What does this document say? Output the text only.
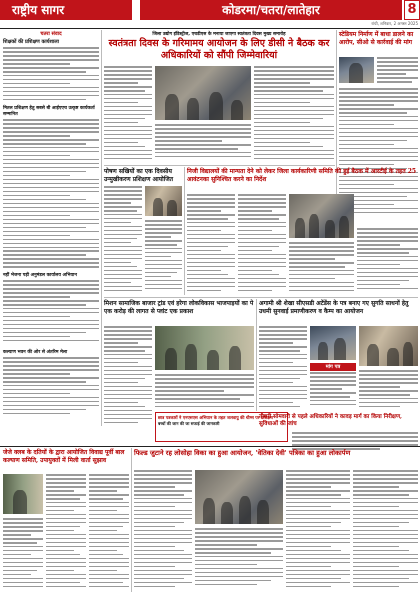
राष्ट्रीय सागर	कोडरमा/चतरा/लातेहार	8
रांची, शनिवार, 2 अगस्त 2025
चतरा संवाद
शिक्षकों की प्रशिक्षण कार्यशाला
मितल प्रशिक्षण हेतु सबसे बी आईएएच उत्कृष्ट कार्यकर्ता सम्मानित
नहीं भेजना पड़ी अनुमंडल कार्यालय अभियान
कल्याण भवन की ओर से अंतरिम मेला
जिला उद्योग इंडिस्ट्रीज, एचडीएस के मनाया जाएगा स्वतंत्रता दिवस मुख्य समारोह
स्वतंत्रता दिवस के गरिमामय आयोजन के लिए डीसी ने बैठक कर अधिकारियों को सौंपी जिम्मेवारियां
स्टेडियम निर्माण में बाधा डालने का आरोप, सीओ से कार्रवाई की मांग
पोषण सखियों का एक दिवसीय उन्मुखीकरण प्रशिक्षण आयोजित
निजी विद्यालयों की मान्यता देने को लेकर जिला कार्यकारिणी समिति की हुई बैठक में आरटीई के तहत 25 आवंटनका सुनिश्चित करने का निर्देश
मिशन सामाजिक बाजार ट्रांड एवं हरेगा लोकविकास भाजपाइयों का पे एक करोड़ की लागत से प्लांट एक प्रकाश
छात्र पत्रकारों ने एनएसएस अभियान के तहत जलवायु की थीम्स पर प्रशिक्षण
बच्चों की जान की जा सफाई की जानकारी
अगामी श्री शेखा सीएसडी अटेंडेंस के पत्र बनाए गए सुगति साधनों हेतु उधमी सुनवाई प्रमाणीकरण व कैम्प का आयोजन
मांग पत्र
तीसरी सोमवारी से पहले अधिकारियों ने कावड़ मार्ग का किया निरीक्षण, सुविधाओं की जांच
जेजे क्लब के दतियों के द्वारा आयोजित विवाद्य पूर्वी बाल कल्याण समिति, उपायुक्तों में मिली वार्ता सुझाव
फिल्ड जुटाने रह लोसोहा विका का हुआ आयोजन, 'वेतिका देवी' पत्रिका का हुआ लोकार्पण
